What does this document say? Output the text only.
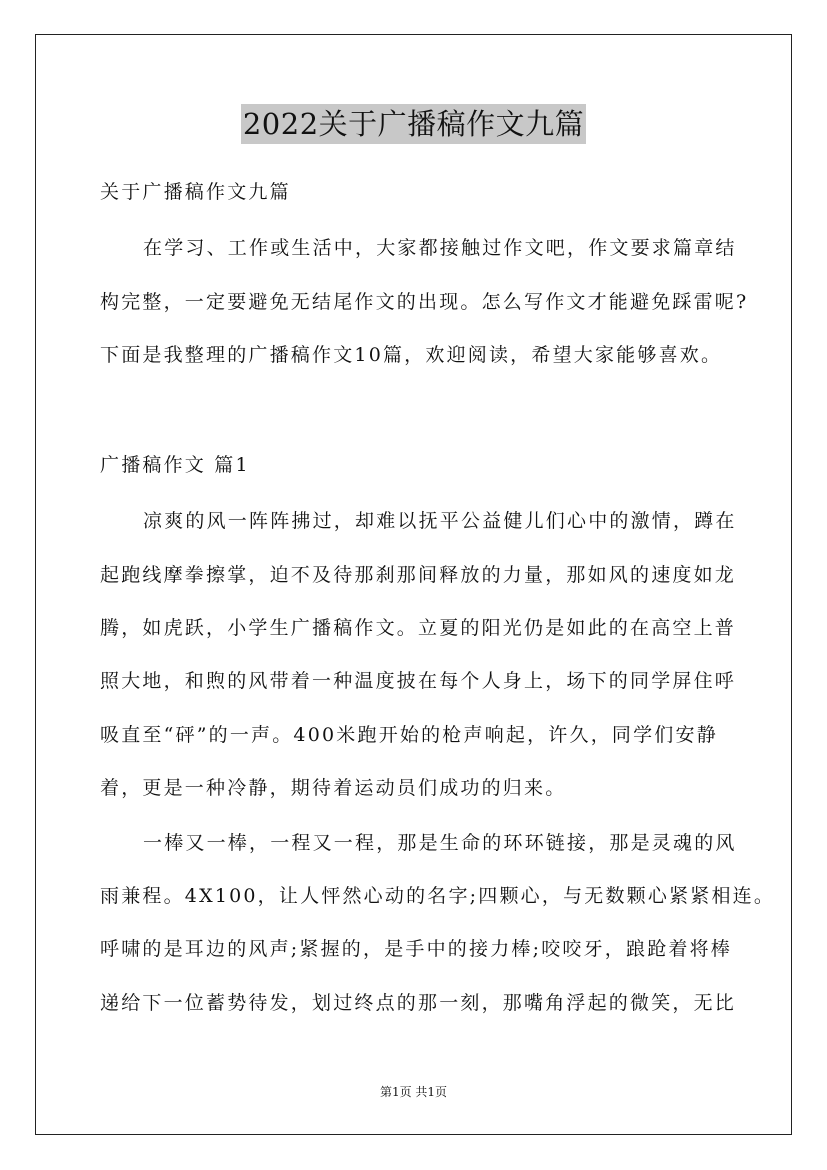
2022关于广播稿作文九篇
关于广播稿作文九篇
在学习、工作或生活中，大家都接触过作文吧，作文要求篇章结
构完整，一定要避免无结尾作文的出现。怎么写作文才能避免踩雷呢?
下面是我整理的广播稿作文10篇，欢迎阅读，希望大家能够喜欢。
广播稿作文 篇1
凉爽的风一阵阵拂过，却难以抚平公益健儿们心中的激情，蹲在
起跑线摩拳擦掌，迫不及待那刹那间释放的力量，那如风的速度如龙
腾，如虎跃，小学生广播稿作文。立夏的阳光仍是如此的在高空上普
照大地，和煦的风带着一种温度披在每个人身上，场下的同学屏住呼
吸直至“砰”的一声。400米跑开始的枪声响起，许久，同学们安静
着，更是一种冷静，期待着运动员们成功的归来。
一棒又一棒，一程又一程，那是生命的环环链接，那是灵魂的风
雨兼程。4X100，让人怦然心动的名字;四颗心，与无数颗心紧紧相连。
呼啸的是耳边的风声;紧握的，是手中的接力棒;咬咬牙，踉跄着将棒
递给下一位蓄势待发，划过终点的那一刻，那嘴角浮起的微笑，无比
第1页 共1页
